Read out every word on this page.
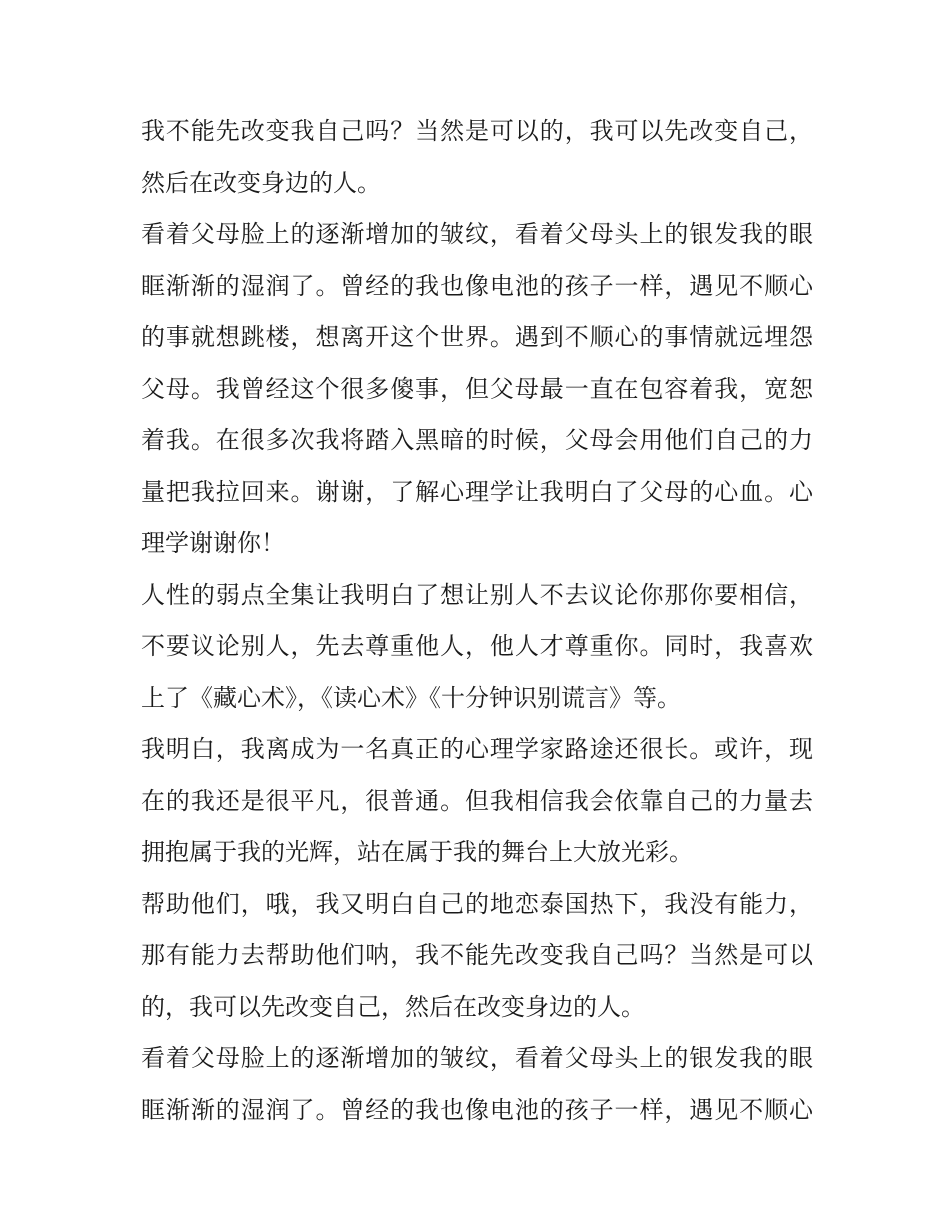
我不能先改变我自己吗？当然是可以的，我可以先改变自己，
然后在改变身边的人。
看着父母脸上的逐渐增加的皱纹，看着父母头上的银发我的眼
眶渐渐的湿润了。曾经的我也像电池的孩子一样，遇见不顺心
的事就想跳楼，想离开这个世界。遇到不顺心的事情就远埋怨
父母。我曾经这个很多傻事，但父母最一直在包容着我，宽恕
着我。在很多次我将踏入黑暗的时候，父母会用他们自己的力
量把我拉回来。谢谢，了解心理学让我明白了父母的心血。心
理学谢谢你！
人性的弱点全集让我明白了想让别人不去议论你那你要相信，
不要议论别人，先去尊重他人，他人才尊重你。同时，我喜欢
上了《藏心术》，《读心术》《十分钟识别谎言》等。
我明白，我离成为一名真正的心理学家路途还很长。或许，现
在的我还是很平凡，很普通。但我相信我会依靠自己的力量去
拥抱属于我的光辉，站在属于我的舞台上大放光彩。
帮助他们，哦，我又明白自己的地恋泰国热下，我没有能力，
那有能力去帮助他们呐，我不能先改变我自己吗？当然是可以
的，我可以先改变自己，然后在改变身边的人。
看着父母脸上的逐渐增加的皱纹，看着父母头上的银发我的眼
眶渐渐的湿润了。曾经的我也像电池的孩子一样，遇见不顺心
